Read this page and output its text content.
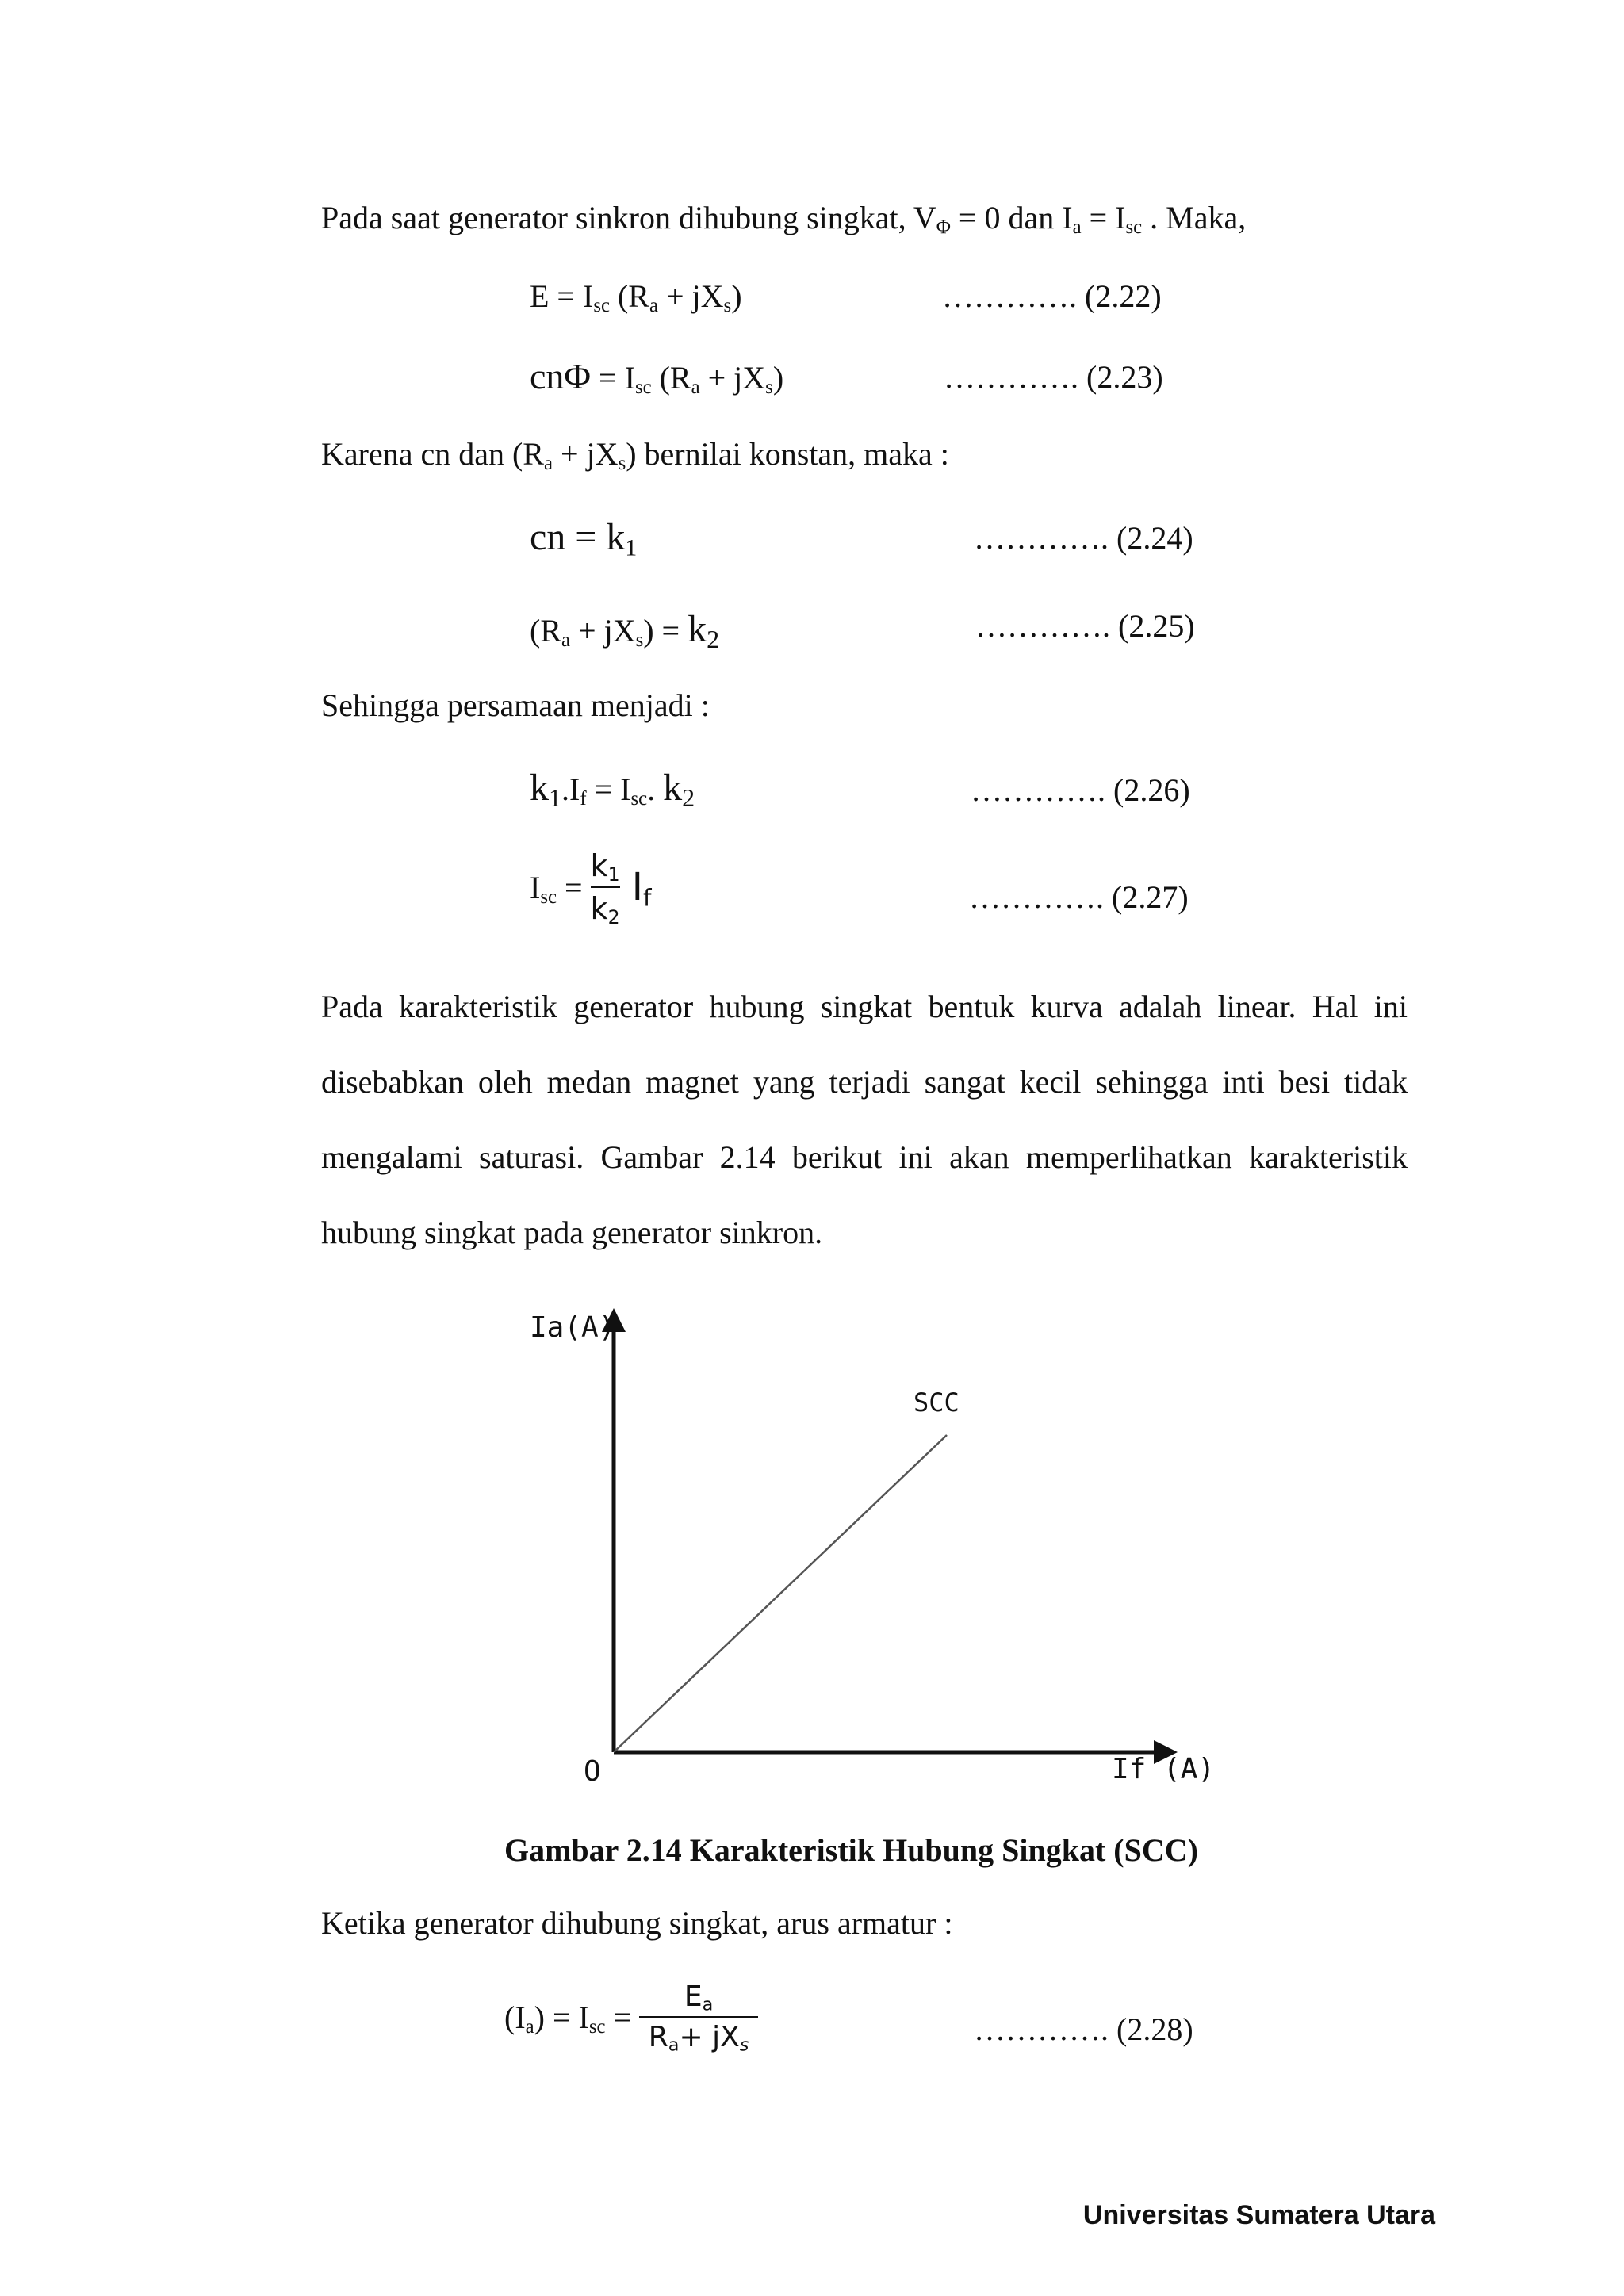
Pada saat generator sinkron dihubung singkat, $V_\Phi = 0$ dan $I_a = I_{sc}$ . Maka,
$E = I_{sc}$ $(R_a + jX_s)$	…………. (2.22)
$cn\Phi = I_{sc}$ $(R_a + jX_s)$	…………. (2.23)
Karena cn dan $(R_a + jX_s)$ bernilai konstan, maka :
cn = $k_1$	…………. (2.24)
$(R_a + jX_s) = k_2$	…………. (2.25)
Sehingga persamaan menjadi :
$k_1.I_f = I_{sc}$. $k_2$	…………. (2.26)
$I_{sc} = \frac{k_1}{k_2} I_f$	…………. (2.27)
Pada karakteristik generator hubung singkat bentuk kurva adalah linear. Hal ini
disebabkan oleh medan magnet yang terjadi sangat kecil sehingga inti besi tidak
mengalami saturasi. Gambar 2.14 berikut ini akan memperlihatkan karakteristik
hubung singkat pada generator sinkron.
Ia(A)
If (A)
O
SCC
Gambar 2.14 Karakteristik Hubung Singkat (SCC)
Ketika generator dihubung singkat, arus armatur :
$(I_a) = I_{sc} = \frac{E_a}{R_a+ jX_s}$	…………. (2.28)
Universitas Sumatera Utara
